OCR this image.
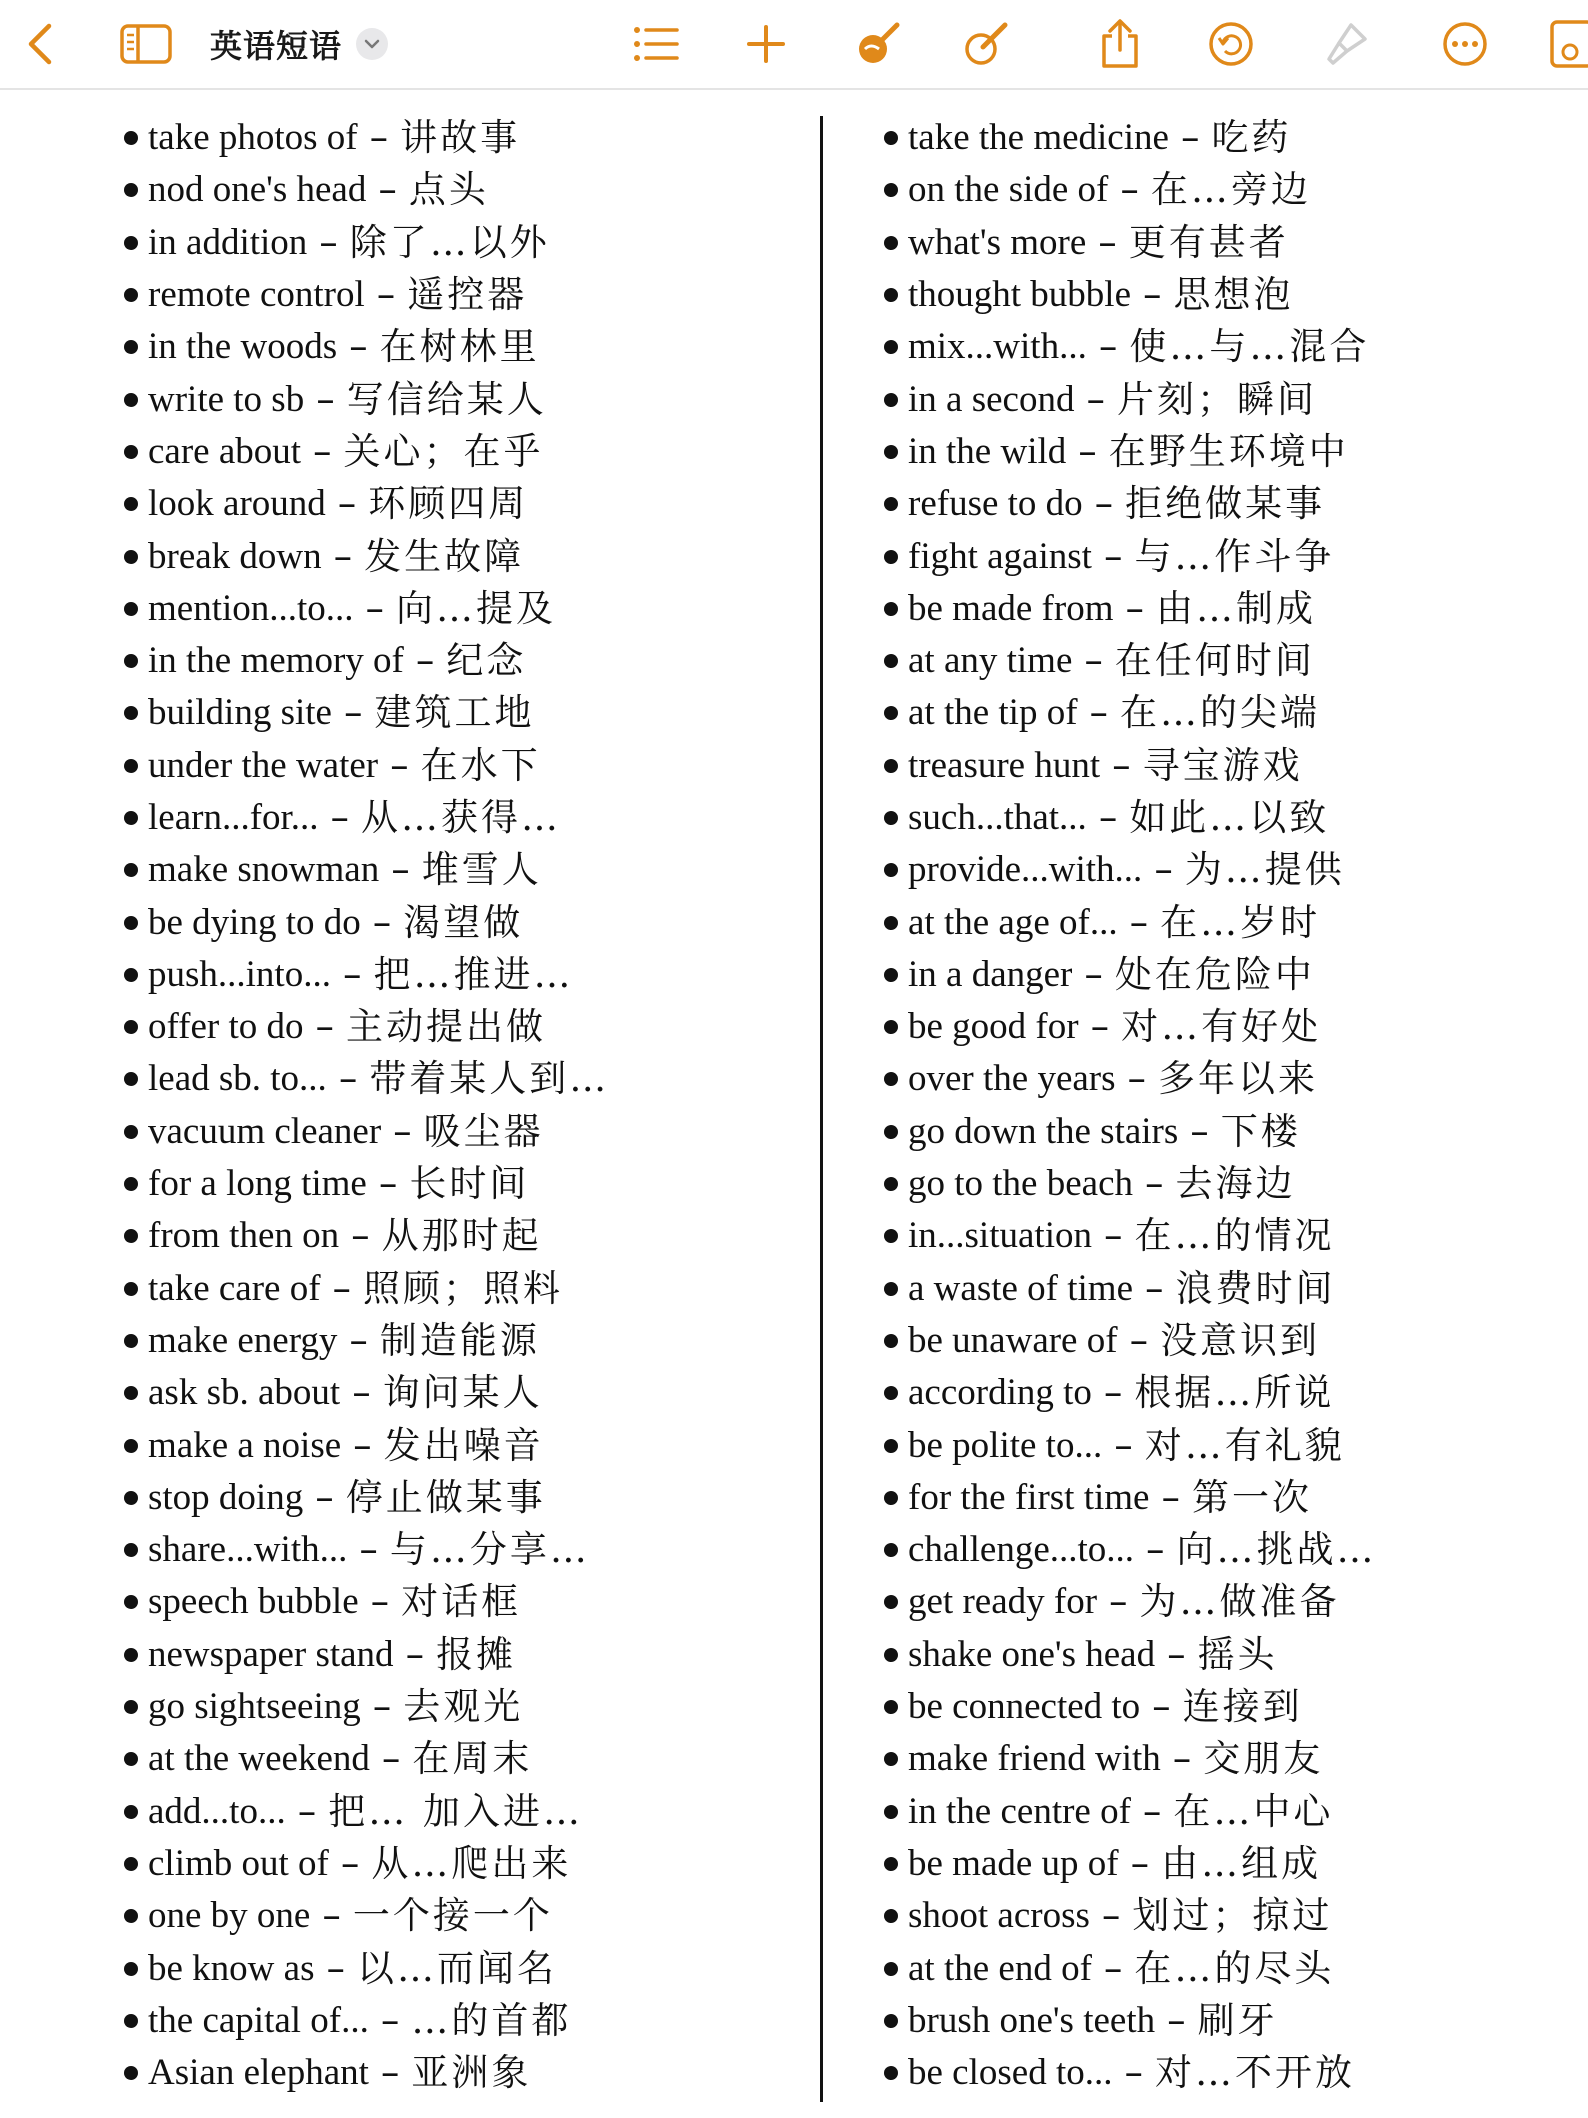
英语短语
take photos of – 讲故事
nod one's head – 点头
in addition – 除了…以外
remote control – 遥控器
in the woods – 在树林里
write to sb – 写信给某人
care about – 关心；在乎
look around – 环顾四周
break down – 发生故障
mention...to... – 向…提及
in the memory of – 纪念
building site – 建筑工地
under the water – 在水下
learn...for... – 从…获得…
make snowman – 堆雪人
be dying to do – 渴望做
push...into... – 把…推进…
offer to do – 主动提出做
lead sb. to... – 带着某人到…
vacuum cleaner – 吸尘器
for a long time – 长时间
from then on – 从那时起
take care of – 照顾；照料
make energy – 制造能源
ask sb. about – 询问某人
make a noise – 发出噪音
stop doing – 停止做某事
share...with... – 与…分享…
speech bubble – 对话框
newspaper stand – 报摊
go sightseeing – 去观光
at the weekend – 在周末
add...to... – 把… 加入进…
climb out of – 从…爬出来
one by one – 一个接一个
be know as – 以…而闻名
the capital of... – …的首都
Asian elephant – 亚洲象
take the medicine – 吃药
on the side of – 在…旁边
what's more – 更有甚者
thought bubble – 思想泡
mix...with... – 使…与…混合
in a second – 片刻；瞬间
in the wild – 在野生环境中
refuse to do – 拒绝做某事
fight against – 与…作斗争
be made from – 由…制成
at any time – 在任何时间
at the tip of – 在…的尖端
treasure hunt – 寻宝游戏
such...that... – 如此…以致
provide...with... – 为…提供
at the age of... – 在…岁时
in a danger – 处在危险中
be good for – 对…有好处
over the years – 多年以来
go down the stairs – 下楼
go to the beach – 去海边
in...situation – 在…的情况
a waste of time – 浪费时间
be unaware of – 没意识到
according to – 根据…所说
be polite to... – 对…有礼貌
for the first time – 第一次
challenge...to... – 向…挑战…
get ready for – 为…做准备
shake one's head – 摇头
be connected to – 连接到
make friend with – 交朋友
in the centre of – 在…中心
be made up of – 由…组成
shoot across – 划过；掠过
at the end of – 在…的尽头
brush one's teeth – 刷牙
be closed to... – 对…不开放
